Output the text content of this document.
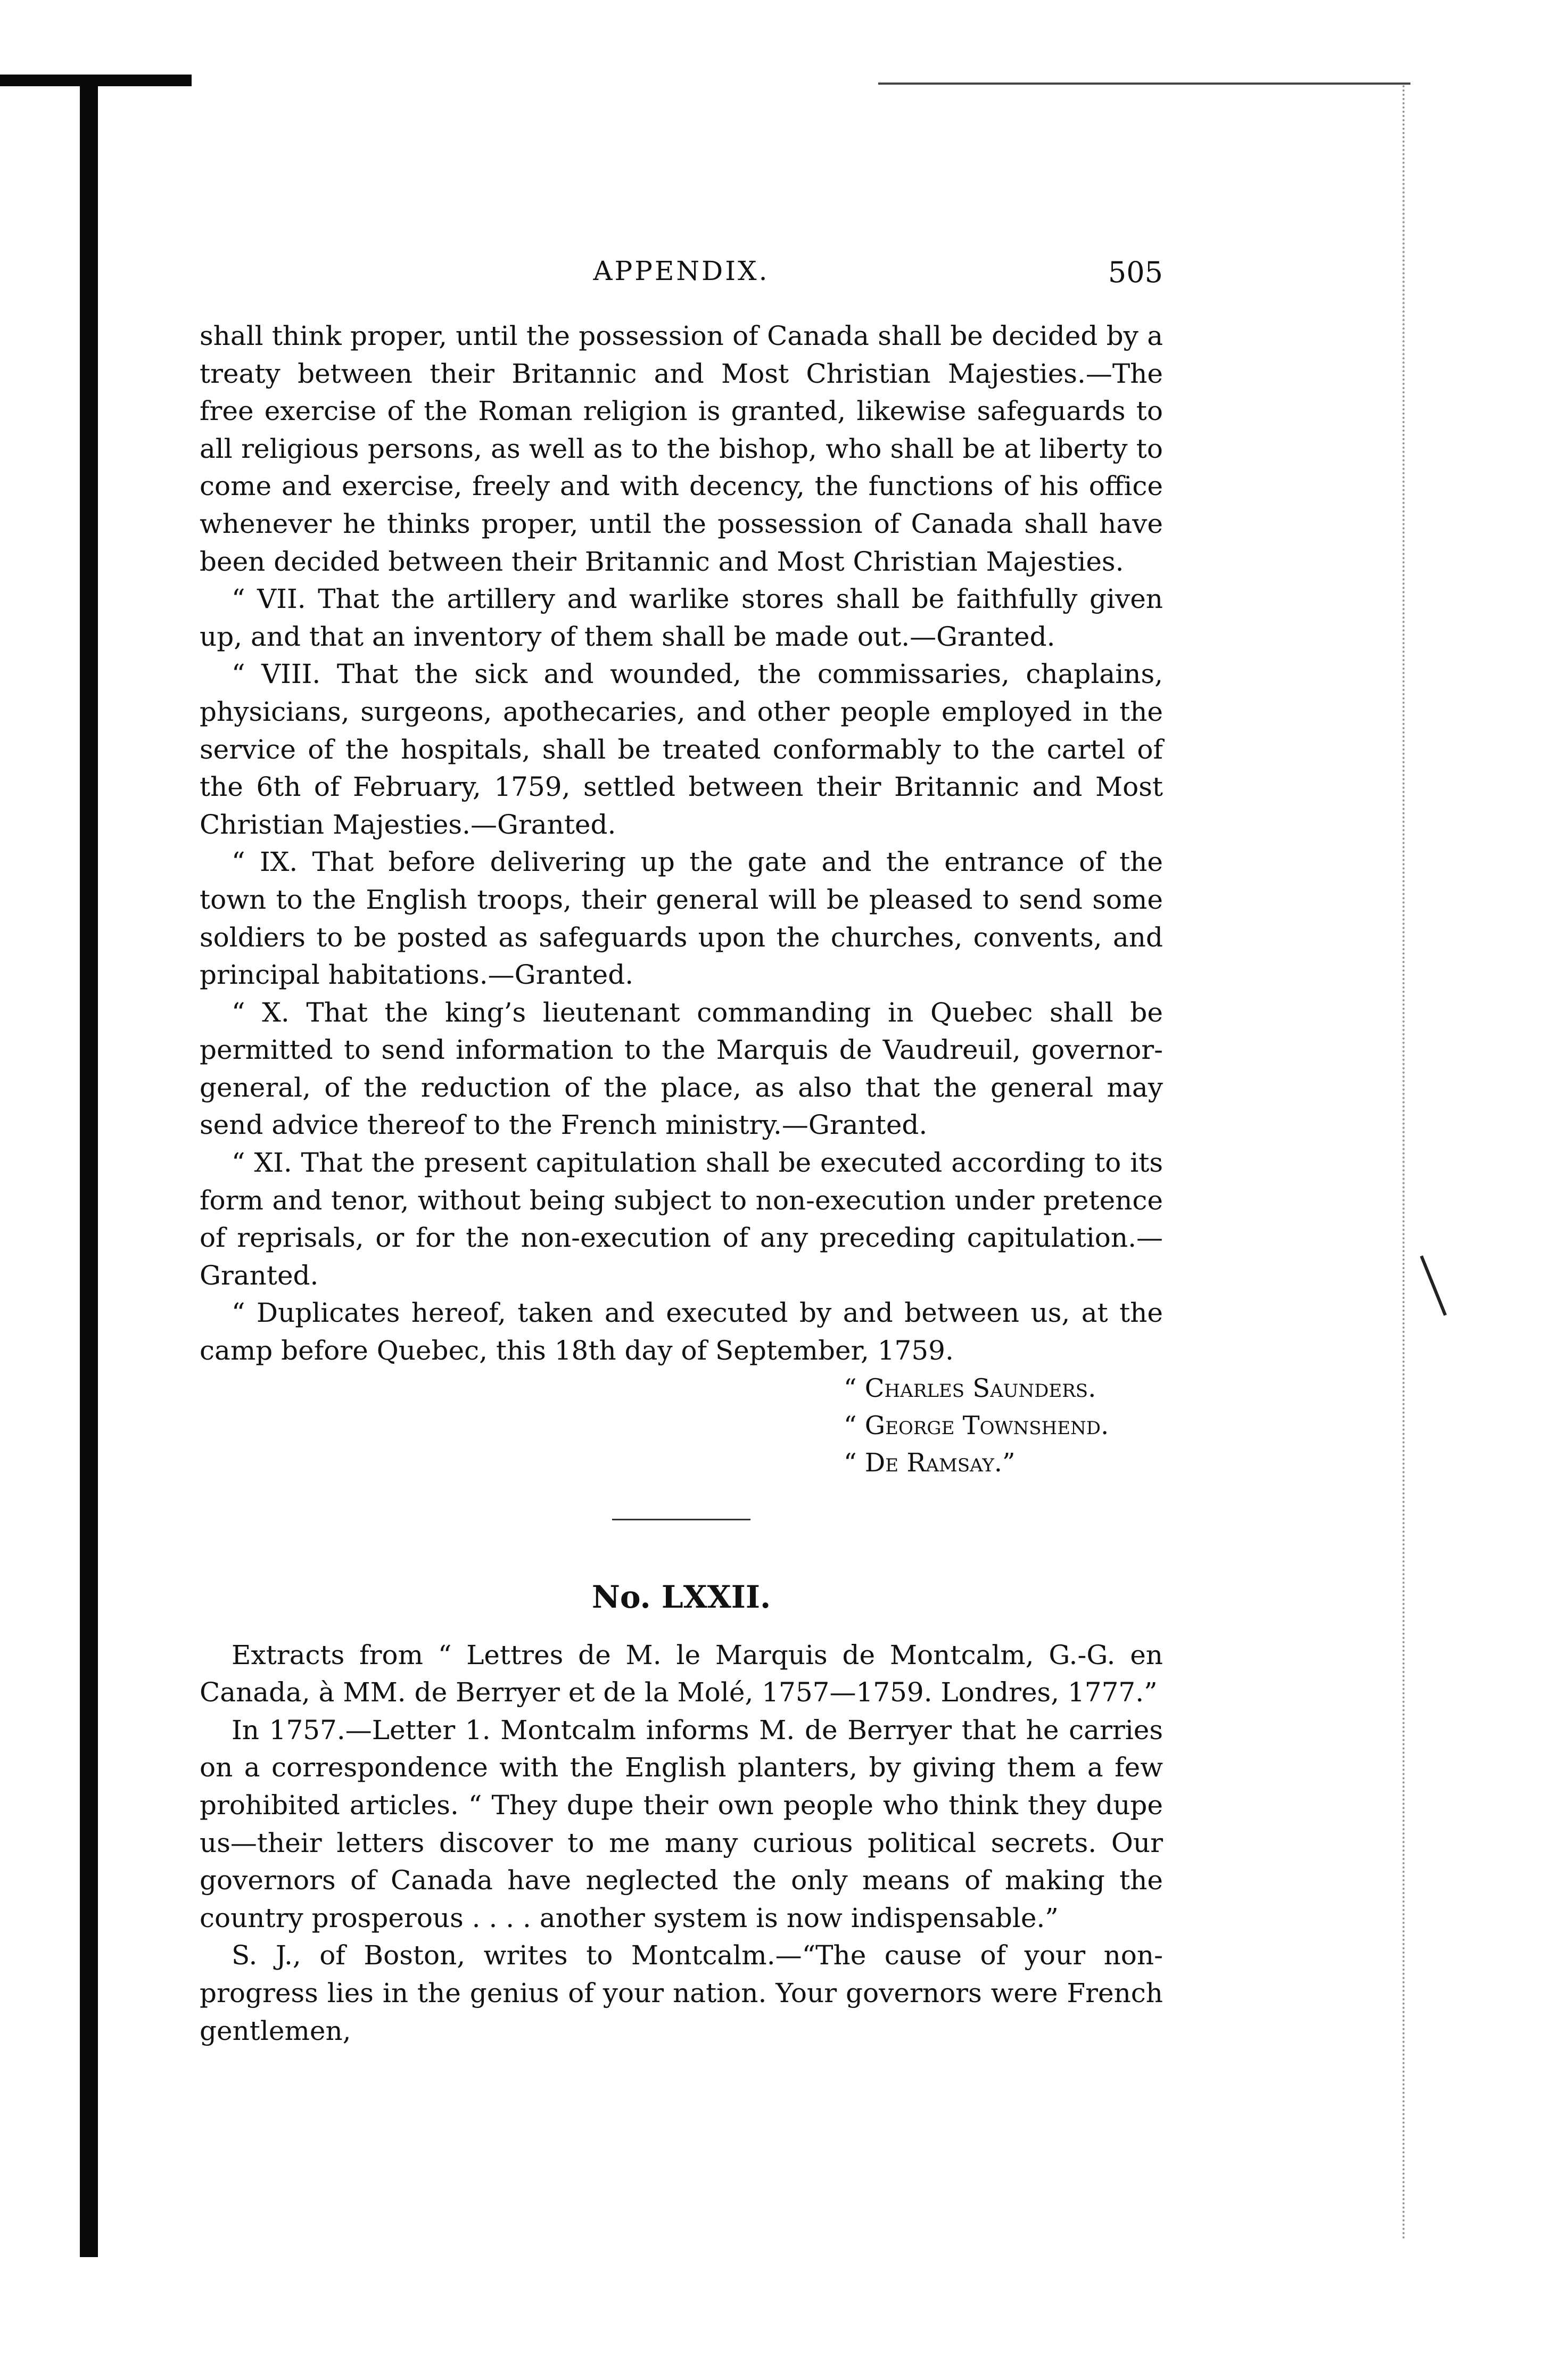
APPENDIX.	505

shall think proper, until the possession of Canada shall be decided by a treaty between their Britannic and Most Christian Majesties.—The free exercise of the Roman religion is granted, likewise safeguards to all religious persons, as well as to the bishop, who shall be at liberty to come and exercise, freely and with decency, the functions of his office whenever he thinks proper, until the possession of Canada shall have been decided between their Britannic and Most Christian Majesties.

“ VII. That the artillery and warlike stores shall be faithfully given up, and that an inventory of them shall be made out.—Granted.

“ VIII. That the sick and wounded, the commissaries, chaplains, physicians, surgeons, apothecaries, and other people employed in the service of the hospitals, shall be treated conformably to the cartel of the 6th of February, 1759, settled between their Britannic and Most Christian Majesties.—Granted.

“ IX. That before delivering up the gate and the entrance of the town to the English troops, their general will be pleased to send some soldiers to be posted as safeguards upon the churches, convents, and principal habitations.—Granted.

“ X. That the king’s lieutenant commanding in Quebec shall be permitted to send information to the Marquis de Vaudreuil, governor-general, of the reduction of the place, as also that the general may send advice thereof to the French ministry.—Granted.

“ XI. That the present capitulation shall be executed according to its form and tenor, without being subject to non-execution under pretence of reprisals, or for the non-execution of any preceding capitulation.— Granted.

“ Duplicates hereof, taken and executed by and between us, at the camp before Quebec, this 18th day of September, 1759.

“ Charles Saunders.

“ George Townshend.

“ De Ramsay.”

No. LXXII.

Extracts from “ Lettres de M. le Marquis de Montcalm, G.-G. en Canada, à MM. de Berryer et de la Molé, 1757—1759. Londres, 1777.”

In 1757.—Letter 1. Montcalm informs M. de Berryer that he carries on a correspondence with the English planters, by giving them a few prohibited articles. “ They dupe their own people who think they dupe us—their letters discover to me many curious political secrets. Our governors of Canada have neglected the only means of making the country prosperous . . . . another system is now indispensable.”

S. J., of Boston, writes to Montcalm.—“The cause of your non-progress lies in the genius of your nation. Your governors were French gentlemen,
